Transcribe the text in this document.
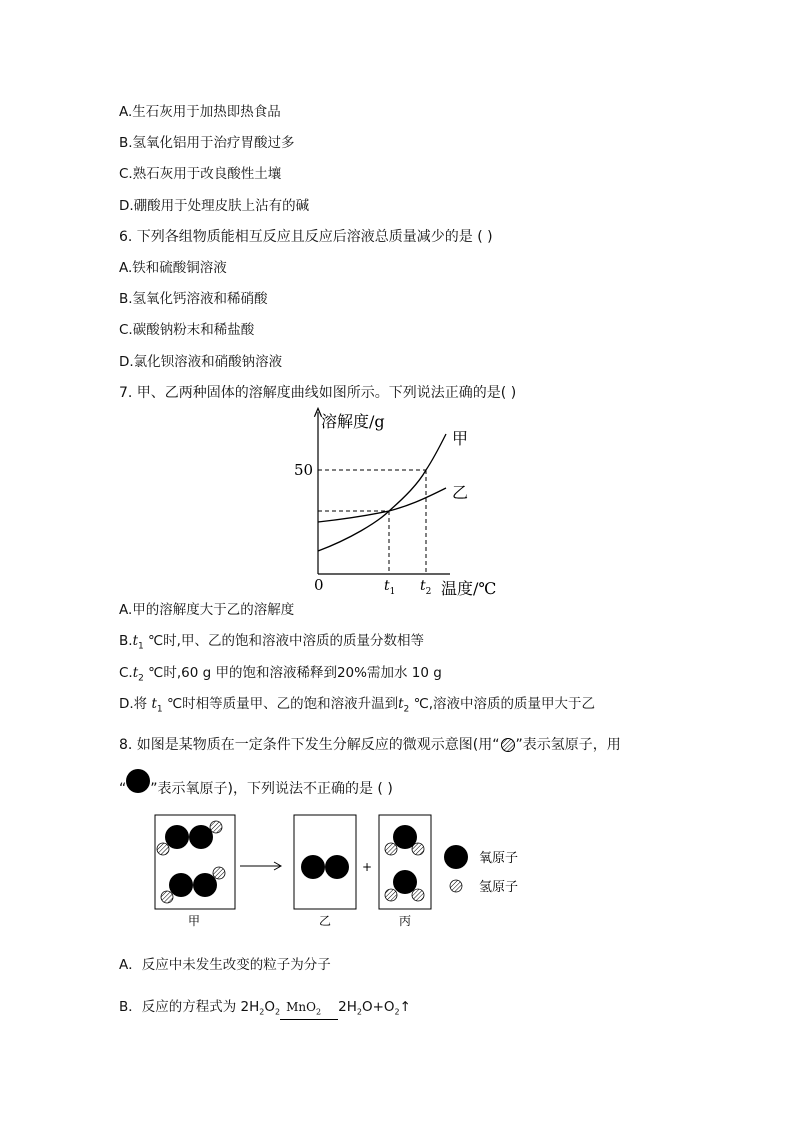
A.生石灰用于加热即热食品
B.氢氧化铝用于治疗胃酸过多
C.熟石灰用于改良酸性土壤
D.硼酸用于处理皮肤上沾有的碱
6. 下列各组物质能相互反应且反应后溶液总质量减少的是 ( )
A.铁和硫酸铜溶液
B.氢氧化钙溶液和稀硝酸
C.碳酸钠粉末和稀盐酸
D.氯化钡溶液和硝酸钠溶液
7. 甲、乙两种固体的溶解度曲线如图所示。下列说法正确的是( )
溶解度/g
50
0
甲
乙
$t_1$ $t_2$ 温度/℃
A.甲的溶解度大于乙的溶解度
$B.t_1$ ℃时,甲、乙的饱和溶液中溶质的质量分数相等
$C.t_2$ ℃时,60 g 甲的饱和溶液稀释到20%需加水 10 g
D.将 $t_1$ ℃时相等质量甲、乙的饱和溶液升温到$t_2$ ℃,溶液中溶质的质量甲大于乙
8. 如图是某物质在一定条件下发生分解反应的微观示意图(用“ ”表示氢原子，用
“ ”表示氧原子)，下列说法不正确的是 ( )
+
氧原子
氢原子
甲	乙	丙
A．反应中未发生改变的粒子为分子
B．反应的方程式为 $2H_2O_2$ MnO$_2$ $2H_2O+O_2↑$
